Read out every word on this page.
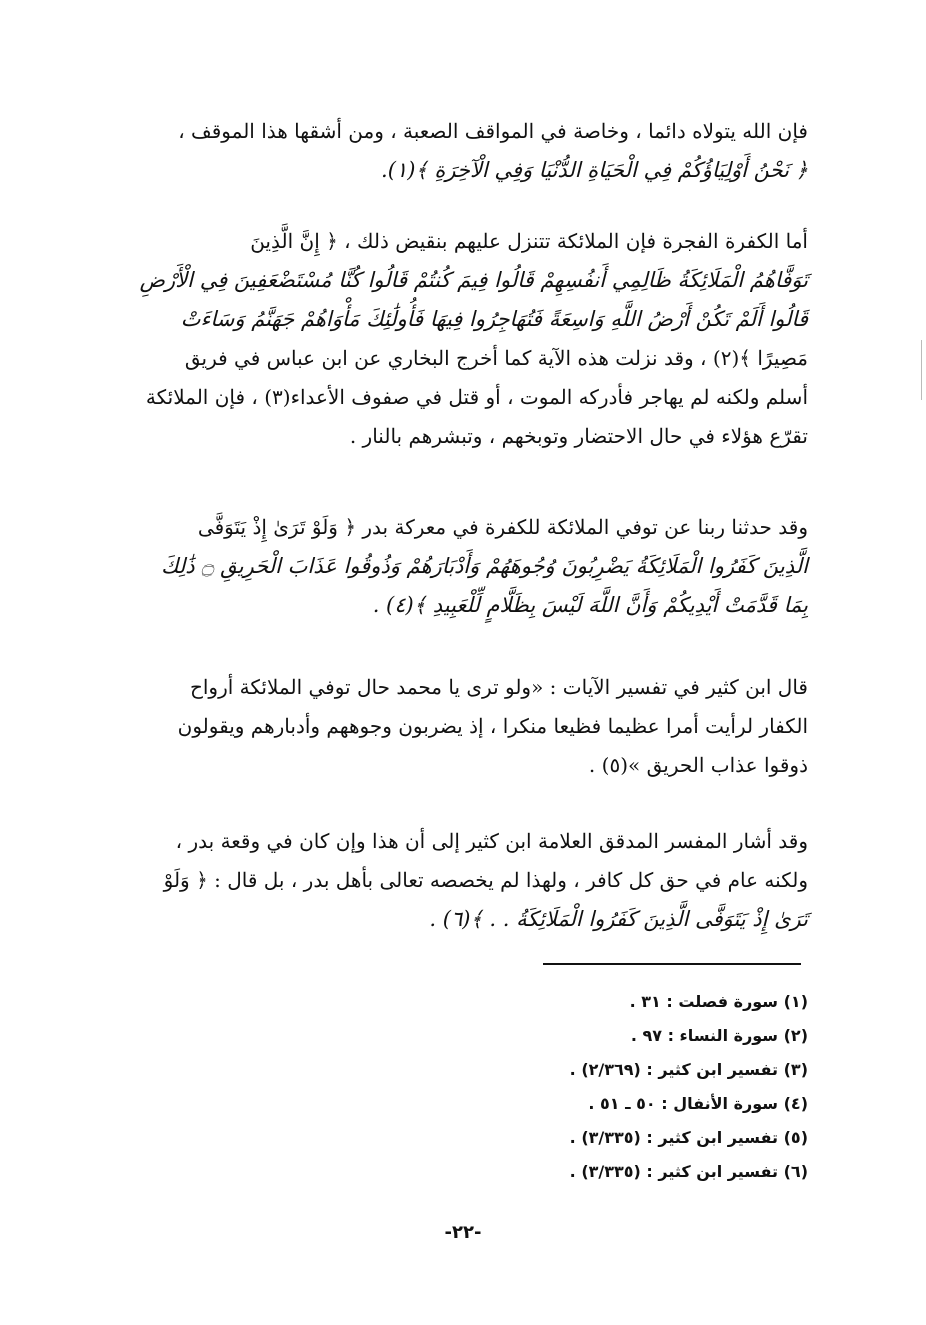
فإن الله يتولاه دائما ، وخاصة في المواقف الصعبة ، ومن أشقها هذا الموقف ،
﴿ نَحْنُ أَوْلِيَاؤُكُمْ فِي الْحَيَاةِ الدُّنْيَا وَفِي الْآخِرَةِ ﴾(١).

أما الكفرة الفجرة فإن الملائكة تتنزل عليهم بنقيض ذلك ، ﴿ إِنَّ الَّذِينَ
تَوَفَّاهُمُ الْمَلَائِكَةُ ظَالِمِي أَنفُسِهِمْ قَالُوا فِيمَ كُنتُمْ قَالُوا كُنَّا مُسْتَضْعَفِينَ فِي الْأَرْضِ
قَالُوا أَلَمْ تَكُنْ أَرْضُ اللَّهِ وَاسِعَةً فَتُهَاجِرُوا فِيهَا فَأُولَٰئِكَ مَأْوَاهُمْ جَهَنَّمُ وَسَاءَتْ
مَصِيرًا ﴾(٢) ، وقد نزلت هذه الآية كما أخرج البخاري عن ابن عباس في فريق
أسلم ولكنه لم يهاجر فأدركه الموت ، أو قتل في صفوف الأعداء(٣) ، فإن الملائكة
تقرّع هؤلاء في حال الاحتضار وتوبخهم ، وتبشرهم بالنار .

وقد حدثنا ربنا عن توفي الملائكة للكفرة في معركة بدر ﴿ وَلَوْ تَرَىٰ إِذْ يَتَوَفَّى
الَّذِينَ كَفَرُوا الْمَلَائِكَةُ يَضْرِبُونَ وُجُوهَهُمْ وَأَدْبَارَهُمْ وَذُوقُوا عَذَابَ الْحَرِيقِ ۝ ذَٰلِكَ
بِمَا قَدَّمَتْ أَيْدِيكُمْ وَأَنَّ اللَّهَ لَيْسَ بِظَلَّامٍ لِّلْعَبِيدِ ﴾(٤) .

قال ابن كثير في تفسير الآيات : «ولو ترى يا محمد حال توفي الملائكة أرواح
الكفار لرأيت أمرا عظيما فظيعا منكرا ، إذ يضربون وجوههم وأدبارهم ويقولون
ذوقوا عذاب الحريق »(٥) .

وقد أشار المفسر المدقق العلامة ابن كثير إلى أن هذا وإن كان في وقعة بدر ،
ولكنه عام في حق كل كافر ، ولهذا لم يخصصه تعالى بأهل بدر ، بل قال : ﴿ وَلَوْ
تَرَىٰ إِذْ يَتَوَفَّى الَّذِينَ كَفَرُوا الْمَلَائِكَةُ . . ﴾(٦) .

(١) سورة فصلت : ٣١ .
(٢) سورة النساء : ٩٧ .
(٣) تفسير ابن كثير : (٢/٣٦٩) .
(٤) سورة الأنفال : ٥٠ ـ ٥١ .
(٥) تفسير ابن كثير : (٣/٣٣٥) .
(٦) تفسير ابن كثير : (٣/٣٣٥) .
-٢٢-
